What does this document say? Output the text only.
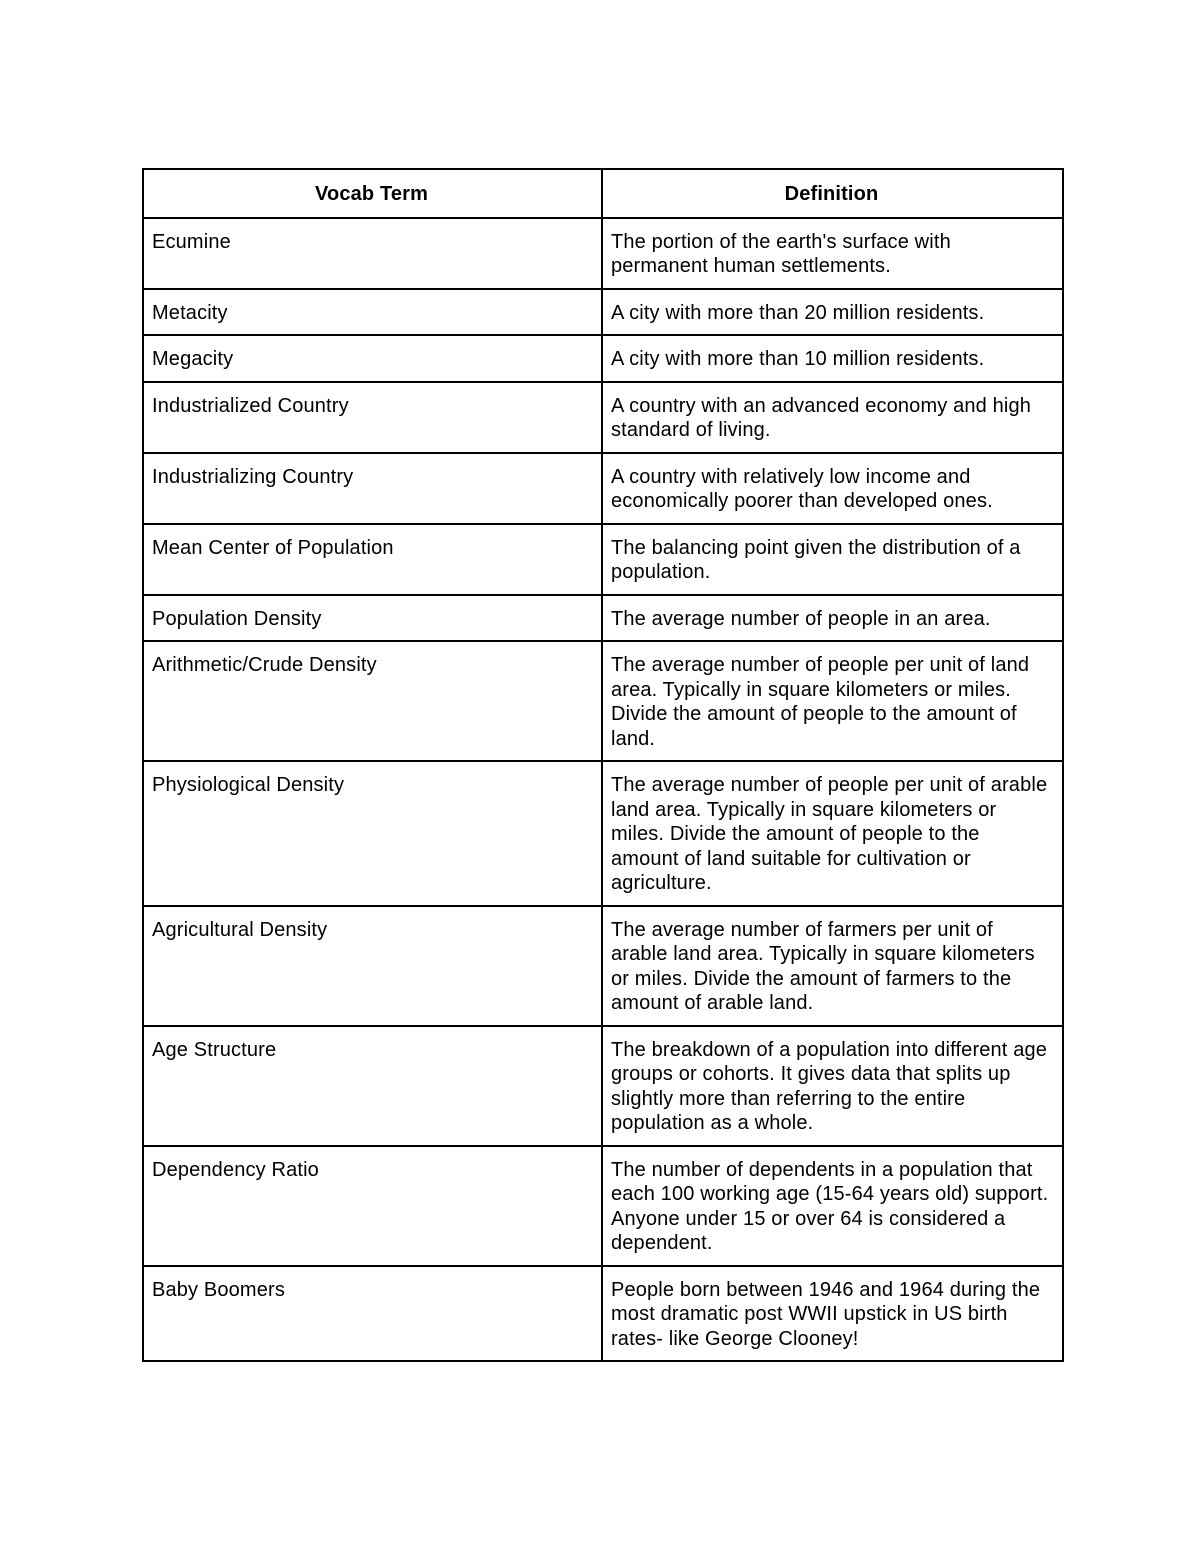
Vocab Term	Definition
Ecumine	The portion of the earth's surface with permanent human settlements.
Metacity	A city with more than 20 million residents.
Megacity	A city with more than 10 million residents.
Industrialized Country	A country with an advanced economy and high standard of living.
Industrializing Country	A country with relatively low income and economically poorer than developed ones.
Mean Center of Population	The balancing point given the distribution of a population.
Population Density	The average number of people in an area.
Arithmetic/Crude Density	The average number of people per unit of land area. Typically in square kilometers or miles. Divide the amount of people to the amount of land.
Physiological Density	The average number of people per unit of arable land area. Typically in square kilometers or miles. Divide the amount of people to the amount of land suitable for cultivation or agriculture.
Agricultural Density	The average number of farmers per unit of arable land area. Typically in square kilometers or miles. Divide the amount of farmers to the amount of arable land.
Age Structure	The breakdown of a population into different age groups or cohorts. It gives data that splits up slightly more than referring to the entire population as a whole.
Dependency Ratio	The number of dependents in a population that each 100 working age (15-64 years old) support. Anyone under 15 or over 64 is considered a dependent.
Baby Boomers	People born between 1946 and 1964 during the most dramatic post WWII upstick in US birth rates- like George Clooney!
